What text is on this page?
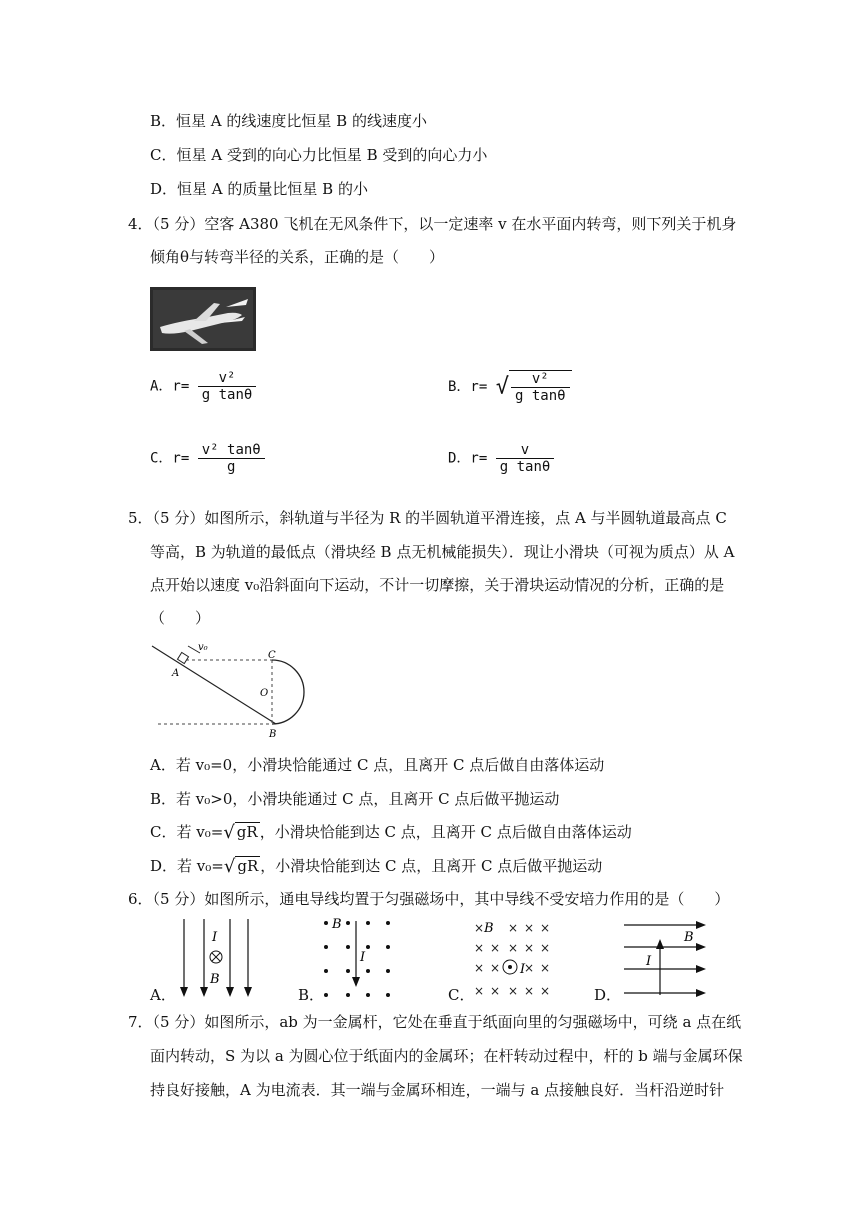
B．恒星 A 的线速度比恒星 B 的线速度小
C．恒星 A 受到的向心力比恒星 B 受到的向心力小
D．恒星 A 的质量比恒星 B 的小
4．（5 分）空客 A380 飞机在无风条件下，以一定速率 v 在水平面内转弯，则下列关于机身
倾角θ与转弯半径的关系，正确的是（　　）
A．$r= \frac{\text{v²}}{\text{g tanθ}}$	B．r= √ $\frac{\text{v²}}{\text{g tanθ}}$
C．$r= \frac{\text{v² tanθ}}{g}$	D．$r= \frac{v}{\text{g tanθ}}$
5．（5 分）如图所示，斜轨道与半径为 R 的半圆轨道平滑连接，点 A 与半圆轨道最高点 C
等高，B 为轨道的最低点（滑块经 B 点无机械能损失）．现让小滑块（可视为质点）从 A
点开始以速度 v₀沿斜面向下运动，不计一切摩擦，关于滑块运动情况的分析，正确的是
（　　）
v₀
A
B
C
O
A．若 v₀=0，小滑块恰能通过 C 点，且离开 C 点后做自由落体运动
B．若 v₀>0，小滑块能通过 C 点，且离开 C 点后做平抛运动
C．若 v₀=√ gR ，小滑块恰能到达 C 点，且离开 C 点后做自由落体运动
D．若 v₀=√ gR ，小滑块恰能到达 C 点，且离开 C 点后做平抛运动
6．（5 分）如图所示，通电导线均置于匀强磁场中，其中导线不受安培力作用的是（　　）
A．	B．	C．	D．
I
B
B
I
× × × ×
× × × × ×
× × × ×
× × × × ×
B
I
B
I
7．（5 分）如图所示，ab 为一金属杆，它处在垂直于纸面向里的匀强磁场中，可绕 a 点在纸
面内转动，S 为以 a 为圆心位于纸面内的金属环；在杆转动过程中，杆的 b 端与金属环保
持良好接触，A 为电流表．其一端与金属环相连，一端与 a 点接触良好．当杆沿逆时针
